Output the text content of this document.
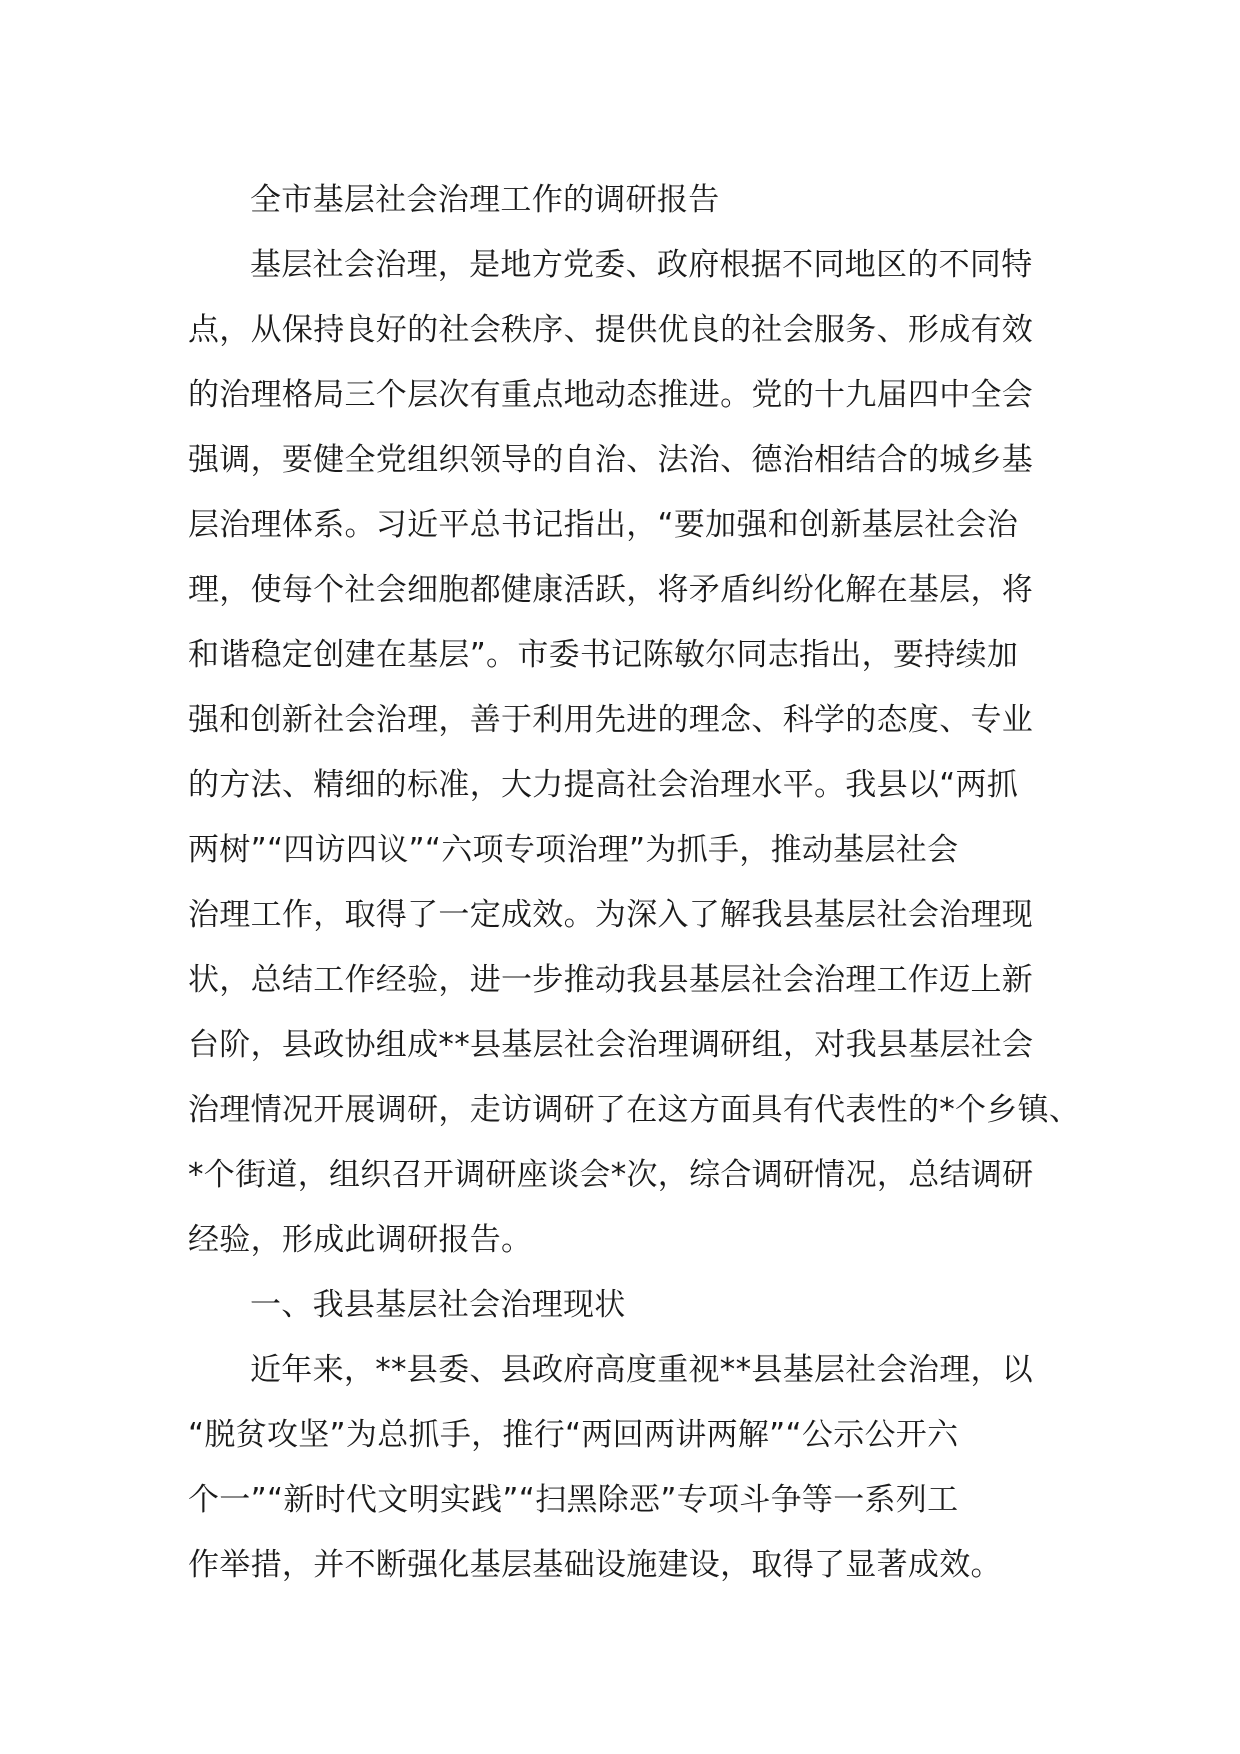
全市基层社会治理工作的调研报告
基层社会治理，是地方党委、政府根据不同地区的不同特
点，从保持良好的社会秩序、提供优良的社会服务、形成有效
的治理格局三个层次有重点地动态推进。党的十九届四中全会
强调，要健全党组织领导的自治、法治、德治相结合的城乡基
层治理体系。习近平总书记指出，“要加强和创新基层社会治
理，使每个社会细胞都健康活跃，将矛盾纠纷化解在基层，将
和谐稳定创建在基层”。市委书记陈敏尔同志指出，要持续加
强和创新社会治理，善于利用先进的理念、科学的态度、专业
的方法、精细的标准，大力提高社会治理水平。我县以“两抓
两树”“四访四议”“六项专项治理”为抓手，推动基层社会
治理工作，取得了一定成效。为深入了解我县基层社会治理现
状，总结工作经验，进一步推动我县基层社会治理工作迈上新
台阶，县政协组成**县基层社会治理调研组，对我县基层社会
治理情况开展调研，走访调研了在这方面具有代表性的*个乡镇、
*个街道，组织召开调研座谈会*次，综合调研情况，总结调研
经验，形成此调研报告。
一、我县基层社会治理现状
近年来，**县委、县政府高度重视**县基层社会治理，以
“脱贫攻坚”为总抓手，推行“两回两讲两解”“公示公开六
个一”“新时代文明实践”“扫黑除恶”专项斗争等一系列工
作举措，并不断强化基层基础设施建设，取得了显著成效。
